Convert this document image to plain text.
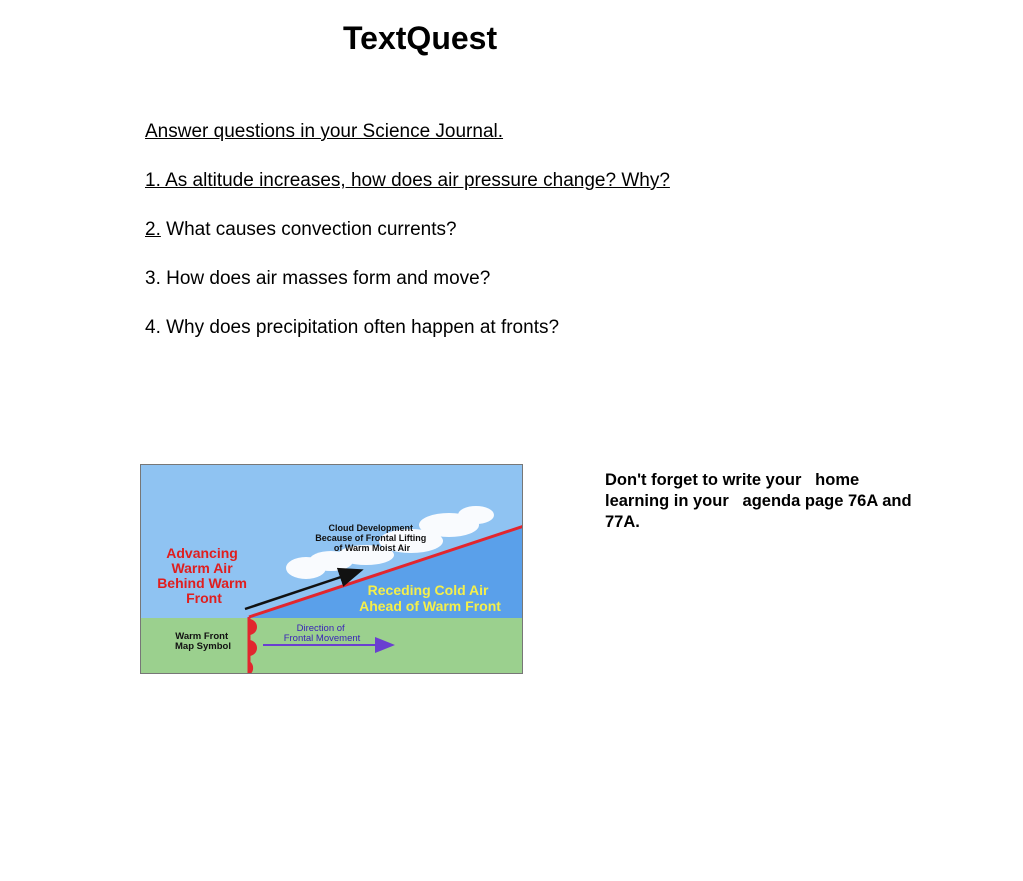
TextQuest

Answer questions in your Science Journal.

1. As altitude increases, how does air pressure change? Why?

2. What causes convection currents?

3. How does air masses form and move?

4. Why does precipitation often happen at fronts?

Cloud Development Because of Frontal Lifting of Warm Moist Air
Advancing Warm Air Behind Warm Front	Receding Cold Air Ahead of Warm Front
Warm Front Map Symbol
Direction of Frontal Movement
Don't forget to write your   home learning in your   agenda page 76A and 77A.
